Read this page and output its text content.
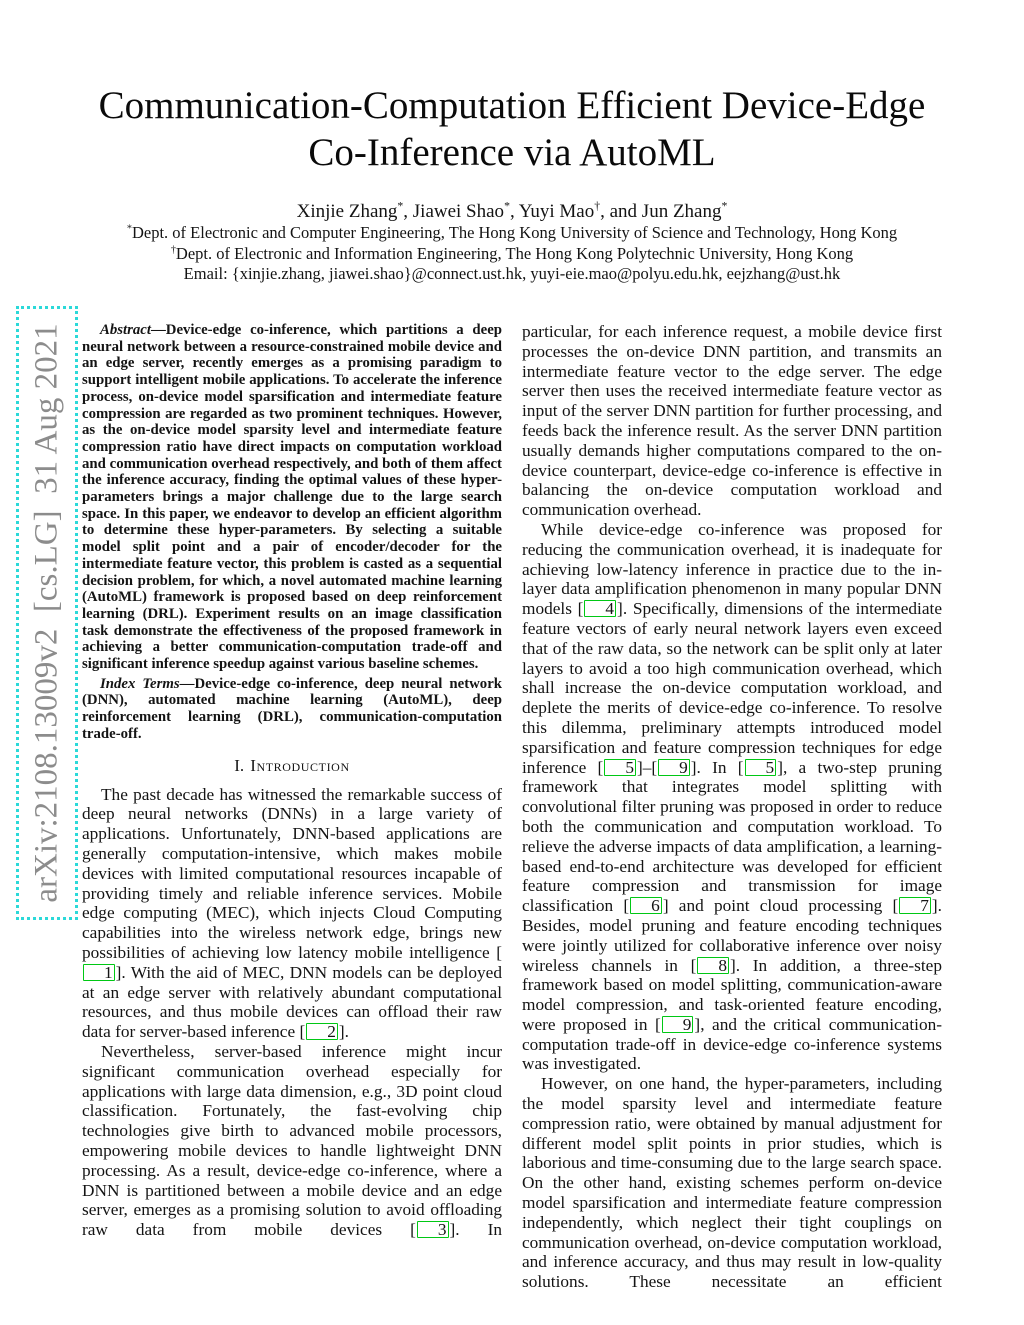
arXiv:2108.13009v2  [cs.LG]  31 Aug 2021
Communication-Computation Efficient Device-Edge
Co-Inference via AutoML
Xinjie Zhang*, Jiawei Shao*, Yuyi Mao†, and Jun Zhang*
*Dept. of Electronic and Computer Engineering, The Hong Kong University of Science and Technology, Hong Kong
†Dept. of Electronic and Information Engineering, The Hong Kong Polytechnic University, Hong Kong
Email: {xinjie.zhang, jiawei.shao}@connect.ust.hk, yuyi-eie.mao@polyu.edu.hk, eejzhang@ust.hk

Abstract—Device-edge co-inference, which partitions a deep neural network between a resource-constrained mobile device and an edge server, recently emerges as a promising paradigm to support intelligent mobile applications. To accelerate the inference process, on-device model sparsification and intermediate feature compression are regarded as two prominent techniques. However, as the on-device model sparsity level and intermediate feature compression ratio have direct impacts on computation workload and communication overhead respectively, and both of them affect the inference accuracy, finding the optimal values of these hyper-parameters brings a major challenge due to the large search space. In this paper, we endeavor to develop an efficient algorithm to determine these hyper-parameters. By selecting a suitable model split point and a pair of encoder/decoder for the intermediate feature vector, this problem is casted as a sequential decision problem, for which, a novel automated machine learning (AutoML) framework is proposed based on deep reinforcement learning (DRL). Experiment results on an image classification task demonstrate the effectiveness of the proposed framework in achieving a better communication-computation trade-off and significant inference speedup against various baseline schemes.

Index Terms—Device-edge co-inference, deep neural network (DNN), automated machine learning (AutoML), deep reinforcement learning (DRL), communication-computation trade-off.

I. Introduction

The past decade has witnessed the remarkable success of deep neural networks (DNNs) in a large variety of applications. Unfortunately, DNN-based applications are generally computation-intensive, which makes mobile devices with limited computational resources incapable of providing timely and reliable inference services. Mobile edge computing (MEC), which injects Cloud Computing capabilities into the wireless network edge, brings new possibilities of achieving low latency mobile intelligence [1 ]. With the aid of MEC, DNN models can be deployed at an edge server with relatively abundant computational resources, and thus mobile devices can offload their raw data for server-based inference [ 2 ].

Nevertheless, server-based inference might incur significant communication overhead especially for applications with large data dimension, e.g., 3D point cloud classification. Fortunately, the fast-evolving chip technologies give birth to advanced mobile processors, empowering mobile devices to handle lightweight DNN processing. As a result, device-edge co-inference, where a DNN is partitioned between a mobile device and an edge server, emerges as a promising solution to avoid offloading raw data from mobile devices [ 3 ]. In

particular, for each inference request, a mobile device first processes the on-device DNN partition, and transmits an intermediate feature vector to the edge server. The edge server then uses the received intermediate feature vector as input of the server DNN partition for further processing, and feeds back the inference result. As the server DNN partition usually demands higher computations compared to the on-device counterpart, device-edge co-inference is effective in balancing the on-device computation workload and communication overhead.

While device-edge co-inference was proposed for reducing the communication overhead, it is inadequate for achieving low-latency inference in practice due to the in-layer data amplification phenomenon in many popular DNN models [ 4 ]. Specifically, dimensions of the intermediate feature vectors of early neural network layers even exceed that of the raw data, so the network can be split only at later layers to avoid a too high communication overhead, which shall increase the on-device computation workload, and deplete the merits of device-edge co-inference. To resolve this dilemma, preliminary attempts introduced model sparsification and feature compression techniques for edge inference [ 5 ]–[ 9 ]. In [ 5 ], a two-step pruning framework that integrates model splitting with convolutional filter pruning was proposed in order to reduce both the communication and computation workload. To relieve the adverse impacts of data amplification, a learning-based end-to-end architecture was developed for efficient feature compression and transmission for image classification [ 6 ] and point cloud processing [ 7 ]. Besides, model pruning and feature encoding techniques were jointly utilized for collaborative inference over noisy wireless channels in [ 8 ]. In addition, a three-step framework based on model splitting, communication-aware model compression, and task-oriented feature encoding, were proposed in [ 9 ], and the critical communication-computation trade-off in device-edge co-inference systems was investigated.

However, on one hand, the hyper-parameters, including the model sparsity level and intermediate feature compression ratio, were obtained by manual adjustment for different model split points in prior studies, which is laborious and time-consuming due to the large search space. On the other hand, existing schemes perform on-device model sparsification and intermediate feature compression independently, which neglect their tight couplings on communication overhead, on-device computation workload, and inference accuracy, and thus may result in low-quality solutions. These necessitate an efficient
